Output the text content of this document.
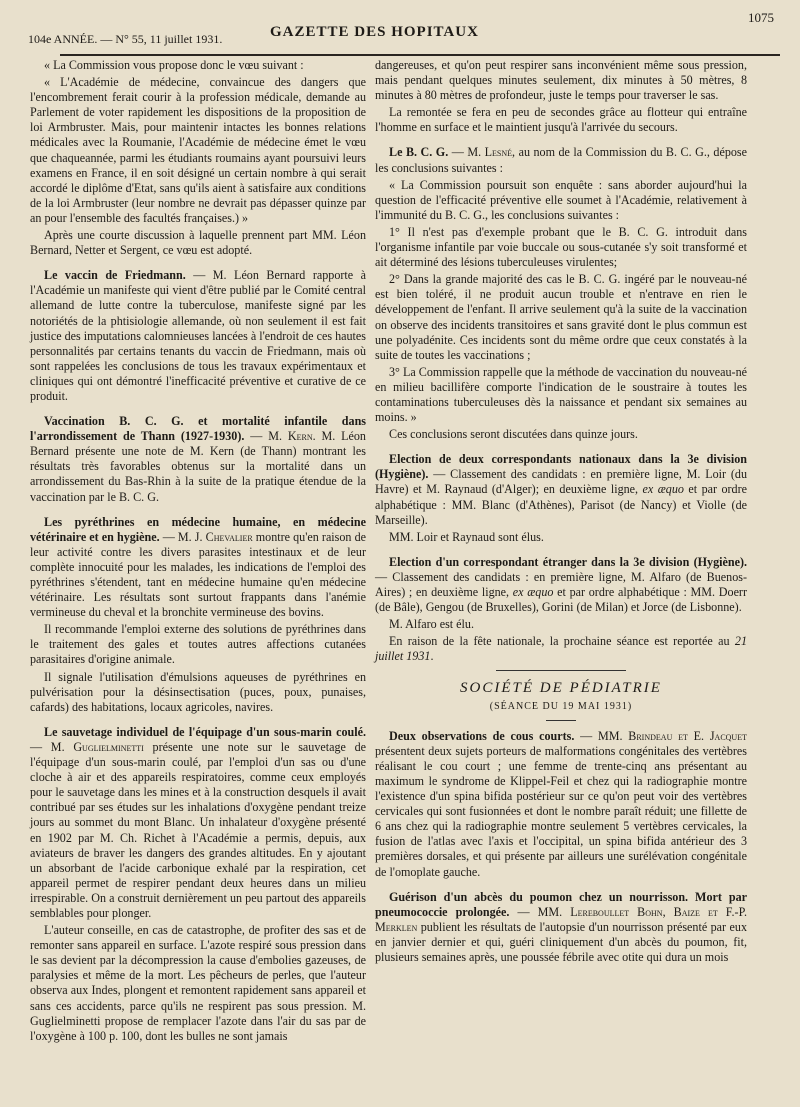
104e ANNÉE. — N° 55, 11 juillet 1931.	GAZETTE DES HOPITAUX
1075

« La Commission vous propose donc le vœu suivant :

« L'Académie de médecine, convaincue des dangers que l'encombrement ferait courir à la profession médicale, demande au Parlement de voter rapidement les dispositions de la proposition de loi Armbruster. Mais, pour maintenir intactes les bonnes relations médicales avec la Roumanie, l'Académie de médecine émet le vœu que chaqueannée, parmi les étudiants roumains ayant poursuivi leurs examens en France, il en soit désigné un certain nombre à qui serait accordé le diplôme d'Etat, sans qu'ils aient à satisfaire aux conditions de la loi Armbruster (leur nombre ne devrait pas dépasser quinze par an pour l'ensemble des facultés françaises.) »

Après une courte discussion à laquelle prennent part MM. Léon Bernard, Netter et Sergent, ce vœu est adopté.

Le vaccin de Friedmann. — M. Léon Bernard rapporte à l'Académie un manifeste qui vient d'être publié par le Comité central allemand de lutte contre la tuberculose, manifeste signé par les notoriétés de la phtisiologie allemande, où non seulement il est fait justice des imputations calomnieuses lancées à l'endroit de ces hautes personnalités par certains tenants du vaccin de Friedmann, mais où sont rappelées les conclusions de tous les travaux expérimentaux et cliniques qui ont démontré l'inefficacité préventive et curative de ce produit.

Vaccination B. C. G. et mortalité infantile dans l'arrondissement de Thann (1927-1930). — M. Kern. M. Léon Bernard présente une note de M. Kern (de Thann) montrant les résultats très favorables obtenus sur la mortalité dans un arrondissement du Bas-Rhin à la suite de la pratique étendue de la vaccination par le B. C. G.

Les pyréthrines en médecine humaine, en médecine vétérinaire et en hygiène. — M. J. Chevalier montre qu'en raison de leur activité contre les divers parasites intestinaux et de leur complète innocuité pour les malades, les indications de l'emploi des pyréthrines s'étendent, tant en médecine humaine qu'en médecine vétérinaire. Les résultats sont surtout frappants dans l'anémie vermineuse du cheval et la bronchite vermineuse des bovins.

Il recommande l'emploi externe des solutions de pyréthrines dans le traitement des gales et toutes autres affections cutanées parasitaires d'origine animale.

Il signale l'utilisation d'émulsions aqueuses de pyréthrines en pulvérisation pour la désinsectisation (puces, poux, punaises, cafards) des habitations, locaux agricoles, navires.

Le sauvetage individuel de l'équipage d'un sous-marin coulé. — M. Guglielminetti présente une note sur le sauvetage de l'équipage d'un sous-marin coulé, par l'emploi d'un sas ou d'une cloche à air et des appareils respiratoires, comme ceux employés pour le sauvetage dans les mines et à la construction desquels il avait contribué par ses études sur les inhalations d'oxygène pendant treize jours au sommet du mont Blanc. Un inhalateur d'oxygène présenté en 1902 par M. Ch. Richet à l'Académie a permis, depuis, aux aviateurs de braver les dangers des grandes altitudes. En y ajoutant un absorbant de l'acide carbonique exhalé par la respiration, cet appareil permet de respirer pendant deux heures dans un milieu irrespirable. On a construit dernièrement un peu partout des appareils semblables pour plonger.

L'auteur conseille, en cas de catastrophe, de profiter des sas et de remonter sans appareil en surface. L'azote respiré sous pression dans le sas devient par la décompression la cause d'embolies gazeuses, de paralysies et même de la mort. Les pêcheurs de perles, que l'auteur observa aux Indes, plongent et remontent rapidement sans appareil et sans ces accidents, parce qu'ils ne respirent pas sous pression. M. Guglielminetti propose de remplacer l'azote dans l'air du sas par de l'oxygène à 100 p. 100, dont les bulles ne sont jamais

dangereuses, et qu'on peut respirer sans inconvénient même sous pression, mais pendant quelques minutes seulement, dix minutes à 50 mètres, 8 minutes à 80 mètres de profondeur, juste le temps pour traverser le sas.

La remontée se fera en peu de secondes grâce au flotteur qui entraîne l'homme en surface et le maintient jusqu'à l'arrivée du secours.

Le B. C. G. — M. Lesné, au nom de la Commission du B. C. G., dépose les conclusions suivantes :

« La Commission poursuit son enquête : sans aborder aujourd'hui la question de l'efficacité préventive elle soumet à l'Académie, relativement à l'immunité du B. C. G., les conclusions suivantes :

1° Il n'est pas d'exemple probant que le B. C. G. introduit dans l'organisme infantile par voie buccale ou sous-cutanée s'y soit transformé et ait déterminé des lésions tuberculeuses virulentes;

2° Dans la grande majorité des cas le B. C. G. ingéré par le nouveau-né est bien toléré, il ne produit aucun trouble et n'entrave en rien le développement de l'enfant. Il arrive seulement qu'à la suite de la vaccination on observe des incidents transitoires et sans gravité dont le plus commun est une polyadénite. Ces incidents sont du même ordre que ceux constatés à la suite de toutes les vaccinations ;

3° La Commission rappelle que la méthode de vaccination du nouveau-né en milieu bacillifère comporte l'indication de le soustraire à toutes les contaminations tuberculeuses dès la naissance et pendant six semaines au moins. »

Ces conclusions seront discutées dans quinze jours.

Election de deux correspondants nationaux dans la 3e division (Hygiène). — Classement des candidats : en première ligne, M. Loir (du Havre) et M. Raynaud (d'Alger); en deuxième ligne, ex æquo et par ordre alphabétique : MM. Blanc (d'Athènes), Parisot (de Nancy) et Violle (de Marseille).

MM. Loir et Raynaud sont élus.

Election d'un correspondant étranger dans la 3e division (Hygiène). — Classement des candidats : en première ligne, M. Alfaro (de Buenos-Aires) ; en deuxième ligne, ex æquo et par ordre alphabétique : MM. Doerr (de Bâle), Gengou (de Bruxelles), Gorini (de Milan) et Jorce (de Lisbonne).

M. Alfaro est élu.

En raison de la fête nationale, la prochaine séance est reportée au 21 juillet 1931.

SOCIÉTÉ DE PÉDIATRIE
(SÉANCE DU 19 MAI 1931)

Deux observations de cous courts. — MM. Brindeau et E. Jacquet présentent deux sujets porteurs de malformations congénitales des vertèbres réalisant le cou court ; une femme de trente-cinq ans présentant au maximum le syndrome de Klippel-Feil et chez qui la radiographie montre l'existence d'un spina bifida postérieur sur ce qu'on peut voir des vertèbres cervicales qui sont fusionnées et dont le nombre paraît réduit; une fillette de 6 ans chez qui la radiographie montre seulement 5 vertèbres cervicales, la fusion de l'atlas avec l'axis et l'occipital, un spina bifida antérieur des 3 premières dorsales, et qui présente par ailleurs une surélévation congénitale de l'omoplate gauche.

Guérison d'un abcès du poumon chez un nourrisson. Mort par pneumococcie prolongée. — MM. Lereboullet Bohn, Baize et F.-P. Merklen publient les résultats de l'autopsie d'un nourrisson présenté par eux en janvier dernier et qui, guéri cliniquement d'un abcès du poumon, fit, plusieurs semaines après, une poussée fébrile avec otite qui dura un mois
